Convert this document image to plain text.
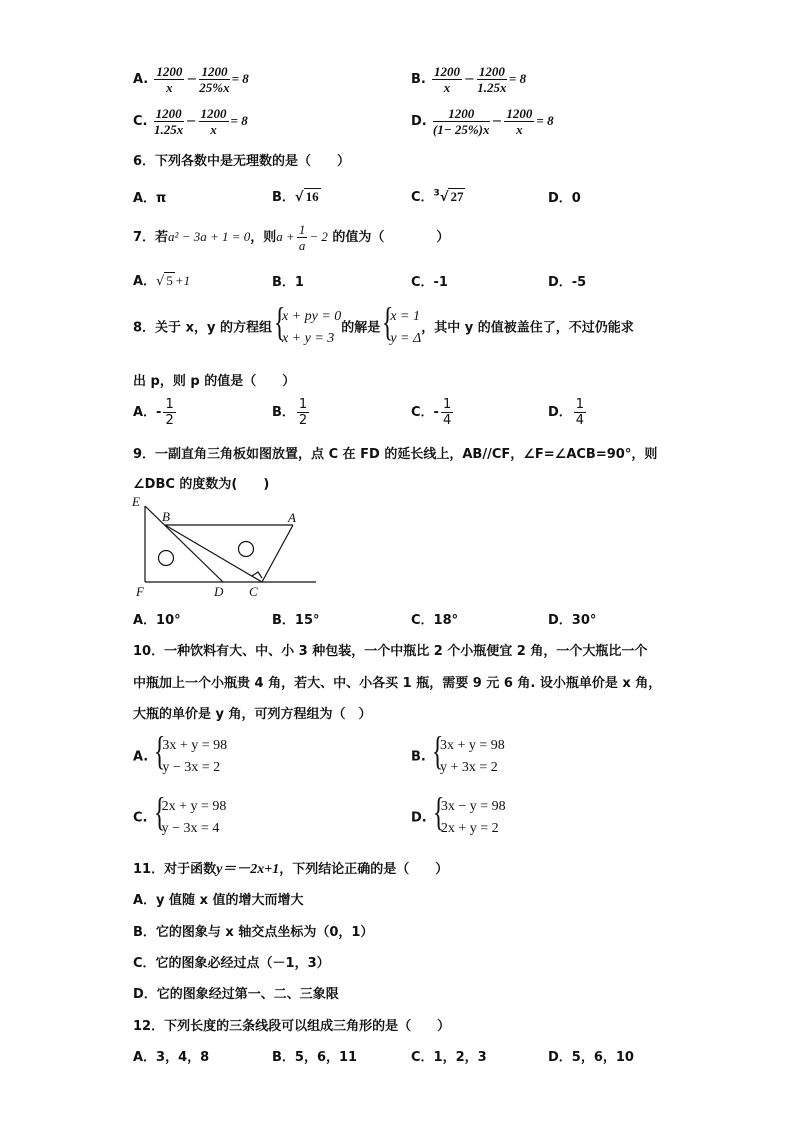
A. $\frac{1200}{x} - \frac{1200}{25\%x} = 8$	B. $\frac{1200}{x} - \frac{1200}{1.25x} = 8$
C. $\frac{1200}{1.25x} - \frac{1200}{x} = 8$	D. $\frac{1200}{(1- 25\%)x} - \frac{1200}{x} = 8$
6．下列各数中是无理数的是（　　）
A．π	B．√ 16	C．$^3$√ 27	D．0
7．若a² − 3a + 1 = 0，则$a + \frac{1}{a} - 2$ 的值为（　　　　）
A．√ 5 +1	B．1	C．-1	D．-5
8．关于 x，y 的方程组 {
x + py = 0
x + y = 3
的解是 {
x = 1
y = Δ
，其中 y 的值被盖住了，不过仍能求
出 p，则 p 的值是（　　）
A．- $\frac{1}{2}$	B． $\frac{1}{2}$	C．- $\frac{1}{4}$	D． $\frac{1}{4}$
9．一副直角三角板如图放置，点 C 在 FD 的延长线上，AB//CF，∠F=∠ACB=90°，则
∠DBC 的度数为(　　)
E
B	A
F	D C
A．10°	B．15°	C．18°	D．30°
10．一种饮料有大、中、小 3 种包装，一个中瓶比 2 个小瓶便宜 2 角，一个大瓶比一个
中瓶加上一个小瓶贵 4 角，若大、中、小各买 1 瓶，需要 9 元 6 角. 设小瓶单价是 x 角，
大瓶的单价是 y 角，可列方程组为（　）
A. {
3x + y = 98
y − 3x = 2
B. {
3x + y = 98
y + 3x = 2
C. {
2x + y = 98
y − 3x = 4
D. {
3x − y = 98
2x + y = 2
11．对于函数y＝－2x+1，下列结论正确的是（　　）
A．y 值随 x 值的增大而增大
B．它的图象与 x 轴交点坐标为（0，1）
C．它的图象必经过点（－1，3）
D．它的图象经过第一、二、三象限
12．下列长度的三条线段可以组成三角形的是（　　）
A．3，4，8	B．5，6，11	C．1，2，3	D．5，6，10
